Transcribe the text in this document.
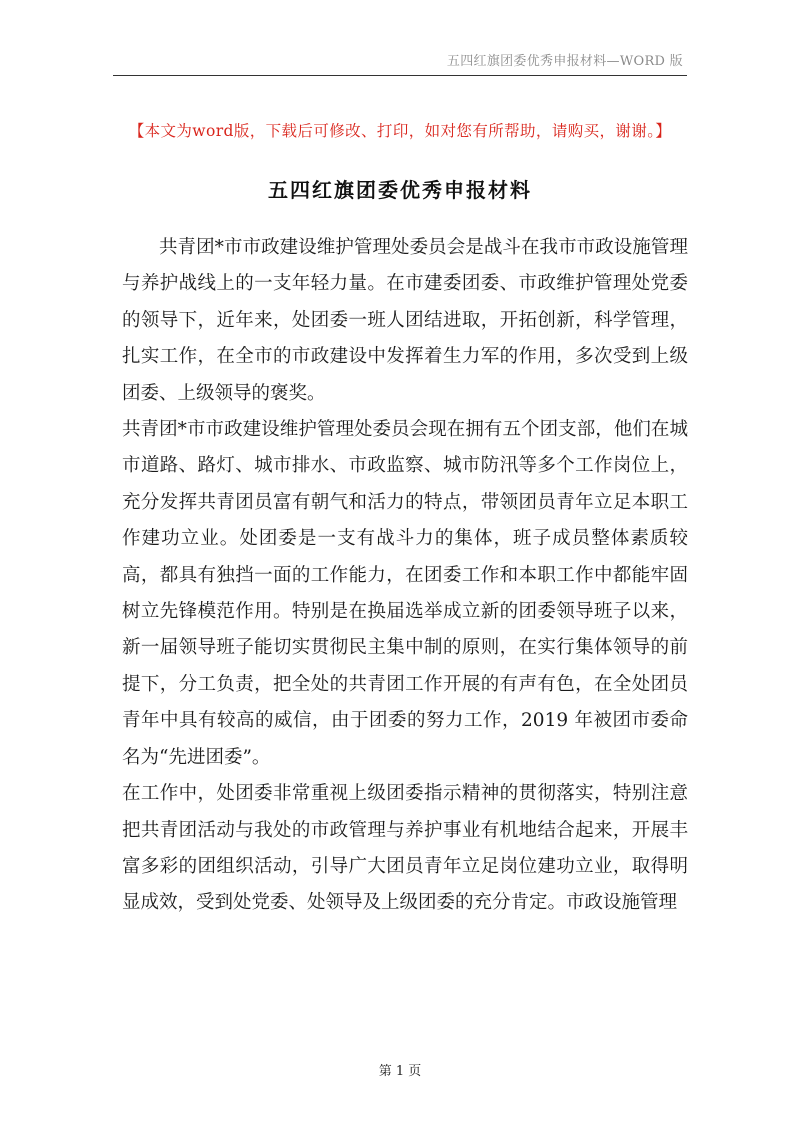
五四红旗团委优秀申报材料—WORD 版
【本文为word版，下载后可修改、打印，如对您有所帮助，请购买，谢谢。】
五四红旗团委优秀申报材料

共青团*市市政建设维护管理处委员会是战斗在我市市政设施管理与养护战线上的一支年轻力量。在市建委团委、市政维护管理处党委的领导下，近年来，处团委一班人团结进取，开拓创新，科学管理，扎实工作，在全市的市政建设中发挥着生力军的作用，多次受到上级团委、上级领导的褒奖。

共青团*市市政建设维护管理处委员会现在拥有五个团支部，他们在城市道路、路灯、城市排水、市政监察、城市防汛等多个工作岗位上，充分发挥共青团员富有朝气和活力的特点，带领团员青年立足本职工作建功立业。处团委是一支有战斗力的集体，班子成员整体素质较高，都具有独挡一面的工作能力，在团委工作和本职工作中都能牢固树立先锋模范作用。特别是在换届选举成立新的团委领导班子以来，新一届领导班子能切实贯彻民主集中制的原则，在实行集体领导的前提下，分工负责，把全处的共青团工作开展的有声有色，在全处团员青年中具有较高的威信，由于团委的努力工作，2019 年被团市委命名为“先进团委”。

在工作中，处团委非常重视上级团委指示精神的贯彻落实，特别注意把共青团活动与我处的市政管理与养护事业有机地结合起来，开展丰富多彩的团组织活动，引导广大团员青年立足岗位建功立业，取得明显成效，受到处党委、处领导及上级团委的充分肯定。市政设施管理

第 1 页
